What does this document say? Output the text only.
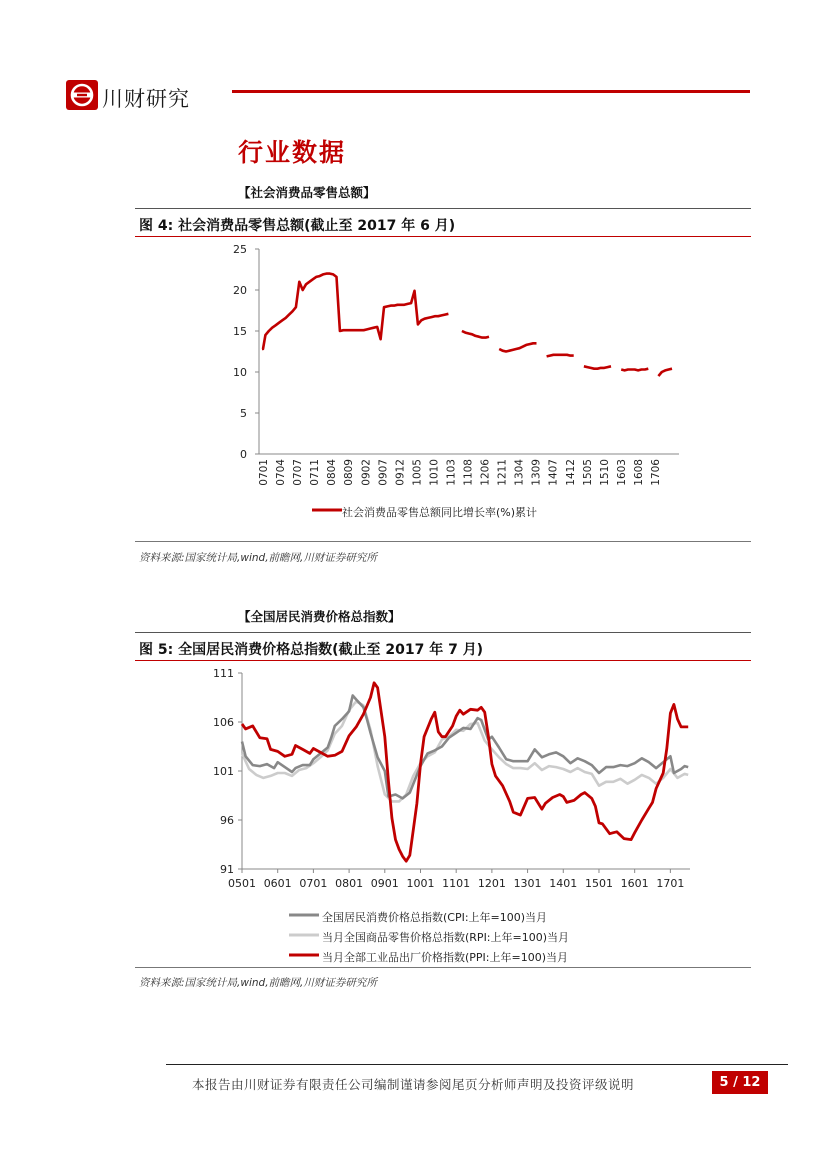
川财研究
行业数据
【社会消费品零售总额】
图 4: 社会消费品零售总额(截止至 2017 年 6 月)
0
5
10
15
20
25
0701 0704 0707 0711 0804 0809 0902 0907 0912 1005 1010 1103 1108 1206 1211 1304 1309 1407 1412 1505 1510 1603 1608 1706
社会消费品零售总额同比增长率(%)累计
资料来源:国家统计局,wind,前瞻网,川财证券研究所
【全国居民消费价格总指数】
图 5: 全国居民消费价格总指数(截止至 2017 年 7 月)
91
96
101
106
111
0501 0601 0701 0801 0901 1001 1101 1201 1301 1401 1501 1601 1701
全国居民消费价格总指数(CPI:上年=100)当月
当月全国商品零售价格总指数(RPI:上年=100)当月
当月全部工业品出厂价格指数(PPI:上年=100)当月
资料来源:国家统计局,wind,前瞻网,川财证券研究所
本报告由川财证券有限责任公司编制谨请参阅尾页分析师声明及投资评级说明	5 / 12
